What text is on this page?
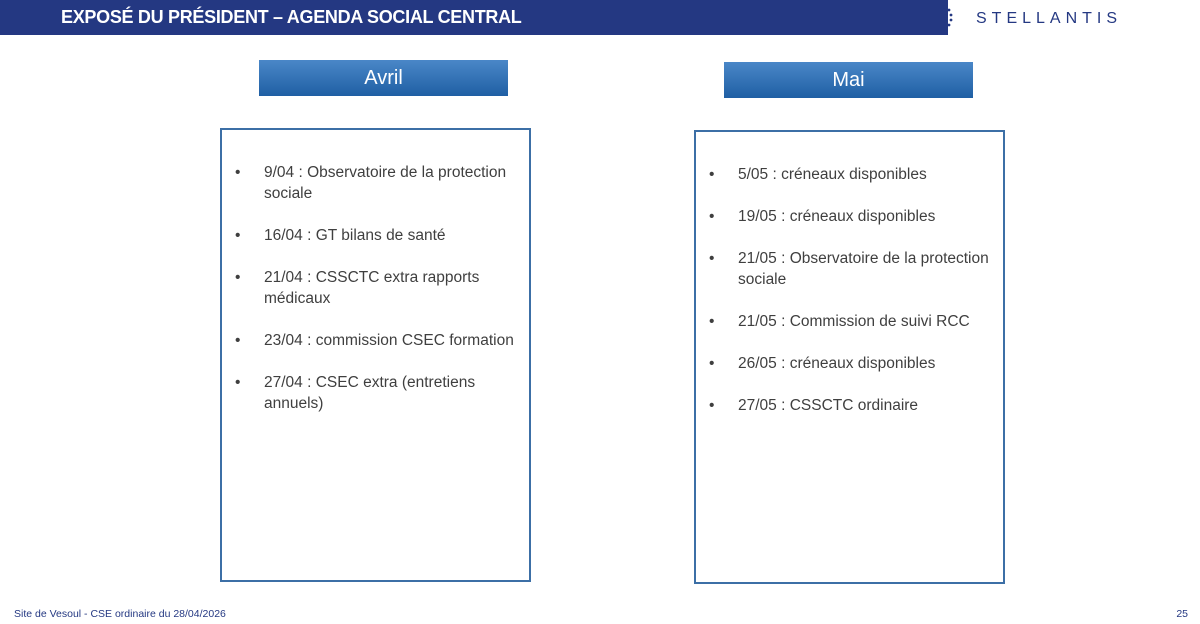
EXPOSÉ DU PRÉSIDENT – AGENDA SOCIAL CENTRAL	STELLANTIS
Avril	Mai
• 9/04 : Observatoire de la protection sociale
• 16/04 : GT bilans de santé
• 21/04 : CSSCTC extra rapports médicaux
• 23/04 : commission CSEC formation
• 27/04 : CSEC extra (entretiens annuels)
• 5/05 : créneaux disponibles
• 19/05 : créneaux disponibles
• 21/05 : Observatoire de la protection sociale
• 21/05 : Commission de suivi RCC
• 26/05 : créneaux disponibles
• 27/05 : CSSCTC ordinaire
Site de Vesoul - CSE ordinaire du 28/04/2026	25
